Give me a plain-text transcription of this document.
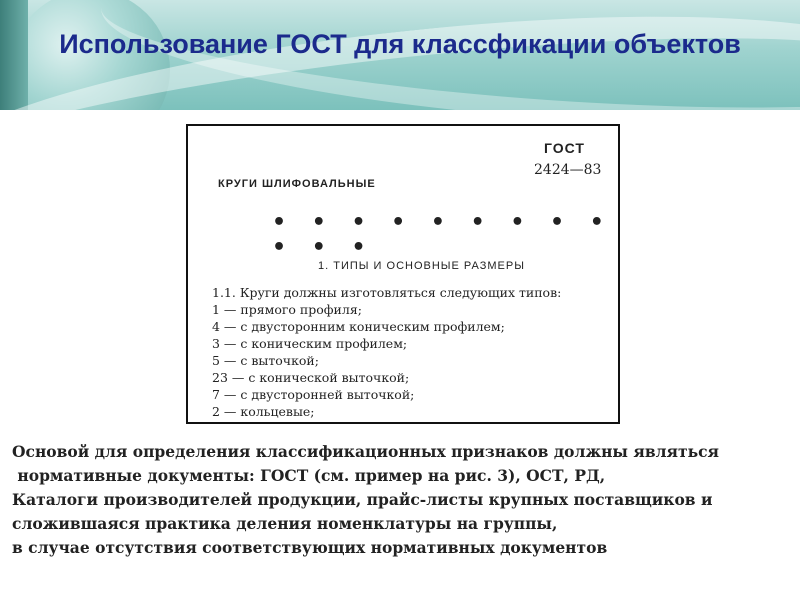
Использование ГОСТ для классфикации объектов
ГОСТ
2424—83
КРУГИ ШЛИФОВАЛЬНЫЕ
• • • • • • • • • • • •
1. ТИПЫ И ОСНОВНЫЕ РАЗМЕРЫ
1.1. Круги должны изготовляться следующих типов:
1 — прямого профиля;
4 — с двусторонним коническим профилем;
3 — с коническим профилем;
5 — с выточкой;
23 — с конической выточкой;
7 — с двусторонней выточкой;
2 — кольцевые;
Основой для определения классификационных признаков должны являться
нормативные документы: ГОСТ (см. пример на рис. 3), ОСТ, РД,
Каталоги производителей продукции, прайс-листы крупных поставщиков и
сложившаяся практика деления номенклатуры на группы,
в случае отсутствия соответствующих нормативных документов
